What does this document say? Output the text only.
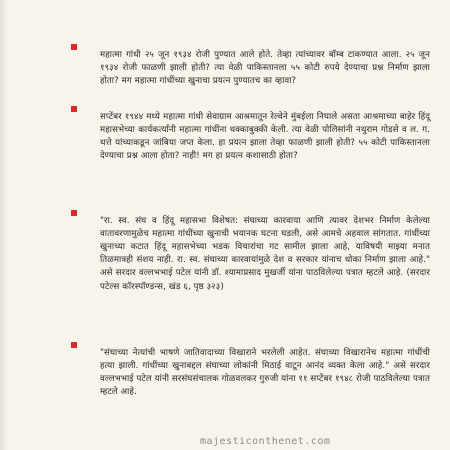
महात्मा गांधी २५ जून १९३४ रोजी पुण्यात आले होते. तेव्हा त्यांच्यावर बॉम्ब टाकण्यात आला. २५ जून १९३४ रोजी फाळणी झाली होती? त्या वेळी पाकिस्तानला ५५ कोटी रुपये देण्याचा प्रश्न निर्माण झाला होता? मग महात्मा गांधींच्या खुनाचा प्रयत्न पुण्यातच का व्हावा?

सप्टेंबर १९४४ मध्ये महात्मा गांधी सेवाग्राम आश्रमातून रेल्वेने मुंबईला निघाले असता आश्रमाच्या बाहेर हिंदू महासभेच्या कार्यकर्त्यांनी महात्मा गांधींना धक्काबुक्की केली. त्या वेळी पोलिसांनी नथुराम गोडसे व ल. ग. थत्ते यांच्याकडून जांबिया जप्त केला. हा प्रयत्न झाला तेव्हा फाळणी झाली होती? ५५ कोटी पाकिस्तानला देण्याचा प्रश्न आला होता? नाही! मग हा प्रयत्न कशासाठी होता?

"रा. स्व. संघ व हिंदू महासभा विशेषत: संघाच्या कारवाया आणि त्यावर देशभर निर्माण केलेल्या वातावरणामुळेच महात्मा गांधींच्या खुनाची भयानक घटना घडली, असे आमचे अहवाल सांगतात. गांधींच्या खुनाच्या कटात हिंदू महासभेच्या भडक विचारांचा गट सामील झाला आहे, याविषयी माझ्या मनात तिळमात्रही संशय नाही. रा. स्व. संघाच्या कारवायांमुळे देश व सरकार यांनाच धोका निर्माण झाला आहे." असे सरदार वल्लभभाई पटेल यांनी डॉ. श्यामाप्रसाद मुखर्जी यांना पाठविलेल्या पत्रात म्हटले आहे. (सरदार पटेल्स कॉरस्पॉण्डन्स, खंड ६, पृष्ठ ३२३)

"संघाच्या नेत्यांची भाषणे जातिवादाच्या विखाराने भरलेली आहेत. संघाच्या विखारानेच महात्मा गांधींची हत्या झाली. गांधींच्या खुनाबद्दल संघाच्या लोकांनी मिठाई वाटून आनंद व्यक्त केला आहे." असे सरदार वल्लभभाई पटेल यांनी सरसंघसंचालक गोळवलकर गुरुजी यांना ११ सप्टेंबर १९४८ रोजी पाठविलेल्या पत्रात म्हटले आहे.

majesticonthenet.com
